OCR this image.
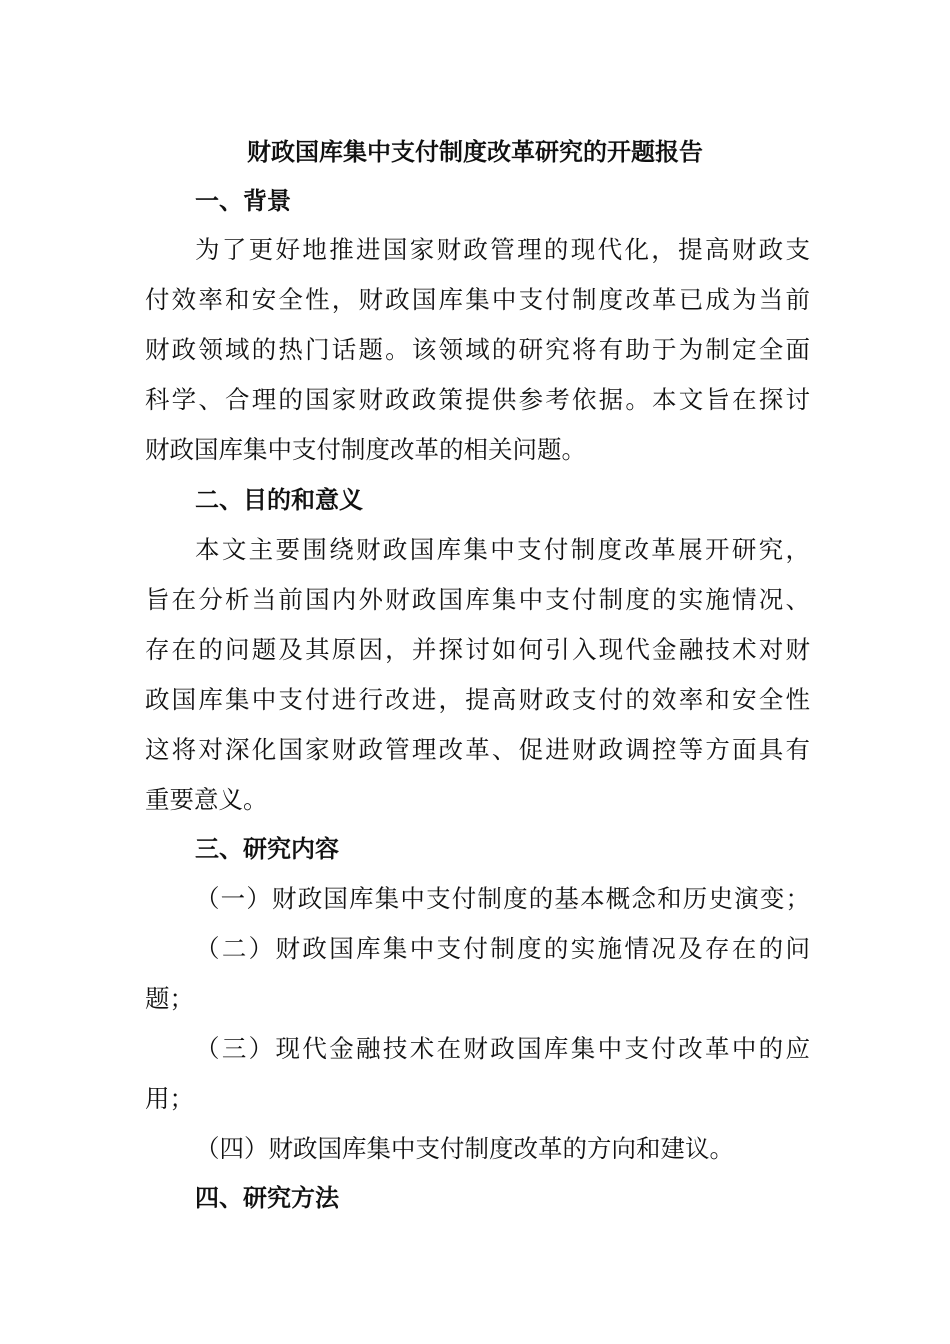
财政国库集中支付制度改革研究的开题报告
一、背景
为了更好地推进国家财政管理的现代化，提高财政支
付效率和安全性，财政国库集中支付制度改革已成为当前
财政领域的热门话题。该领域的研究将有助于为制定全面
科学、合理的国家财政政策提供参考依据。本文旨在探讨
财政国库集中支付制度改革的相关问题。
二、目的和意义
本文主要围绕财政国库集中支付制度改革展开研究，
旨在分析当前国内外财政国库集中支付制度的实施情况、
存在的问题及其原因，并探讨如何引入现代金融技术对财
政国库集中支付进行改进，提高财政支付的效率和安全性
这将对深化国家财政管理改革、促进财政调控等方面具有
重要意义。
三、研究内容
（一）财政国库集中支付制度的基本概念和历史演变；
（二）财政国库集中支付制度的实施情况及存在的问
题；
（三）现代金融技术在财政国库集中支付改革中的应
用；
（四）财政国库集中支付制度改革的方向和建议。
四、研究方法
